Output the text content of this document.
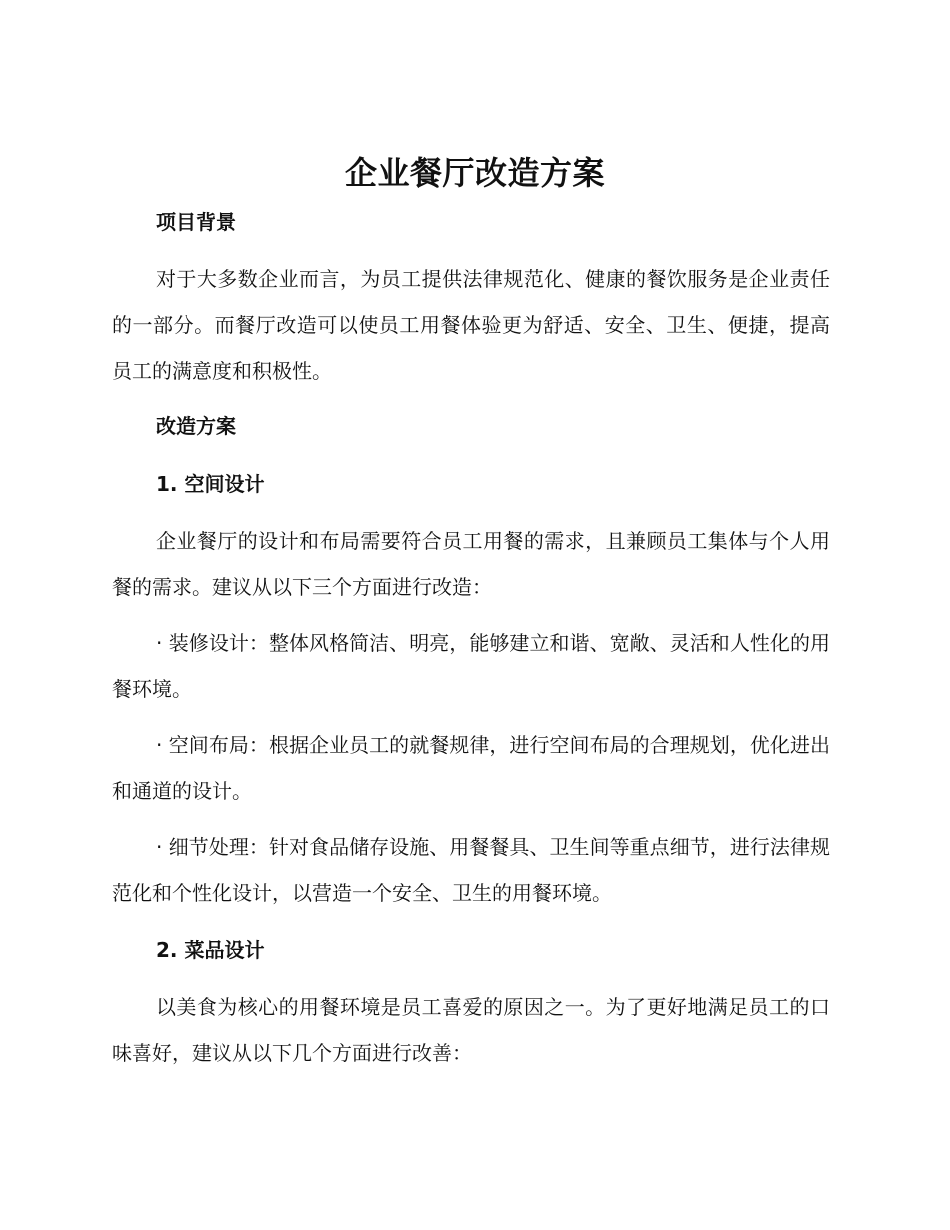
企业餐厅改造方案
项目背景

对于大多数企业而言，为员工提供法律规范化、健康的餐饮服务是企业责任的一部分。而餐厅改造可以使员工用餐体验更为舒适、安全、卫生、便捷，提高员工的满意度和积极性。

改造方案
1. 空间设计

企业餐厅的设计和布局需要符合员工用餐的需求，且兼顾员工集体与个人用餐的需求。建议从以下三个方面进行改造：

· 装修设计：整体风格简洁、明亮，能够建立和谐、宽敞、灵活和人性化的用餐环境。

· 空间布局：根据企业员工的就餐规律，进行空间布局的合理规划，优化进出和通道的设计。

· 细节处理：针对食品储存设施、用餐餐具、卫生间等重点细节，进行法律规范化和个性化设计，以营造一个安全、卫生的用餐环境。

2. 菜品设计

以美食为核心的用餐环境是员工喜爱的原因之一。为了更好地满足员工的口味喜好，建议从以下几个方面进行改善：
